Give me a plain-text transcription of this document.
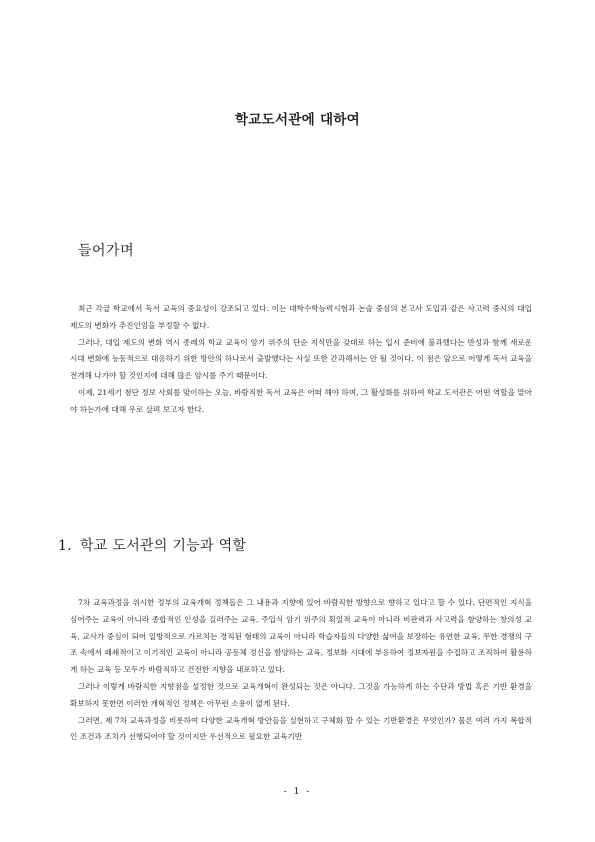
학교도서관에 대하여
들어가며

최근 각급 학교에서 독서 교육의 중요성이 강조되고 있다. 이는 대학수학능력시험과 논술 중심의 본고사 도입과 같은 사고력 중시의 대입 제도의 변화가 추진인임을 부정할 수 없다.

그러나, 대입 제도의 변화 역시 종래의 학교 교육이 암기 위주의 단순 지식만을 갖대로 하는 입시 준비에 불과했다는 반성과 함께 새로운 시대 변화에 능동적으로 대응하기 위한 방안의 하나로서 출발했다는 사실 또한 간과해서는 안 될 것이다. 이 점은 앞으로 어떻게 독서 교육을 전개해 나가야 할 것인지에 대해 많은 암시를 주기 때문이다.

이제, 21세기 첨단 정보 사회를 맞이하는 오늘, 바람직한 독서 교육은 어떠 해야 하며, 그 활성화를 위하여 학교 도서관은 어떤 역할을 맡아야 하는가에 대해 우로 살펴 보고자 한다.

1. 학교 도서관의 기능과 역할

7차 교육과정을 위시한 정부의 교육개혁 정책들은 그 내용과 지향에 있어 바람직한 방향으로 향하고 있다고 할 수 있다. 단편적인 지식을 심어주는 교육이 아니라 종합적인 인성을 길러주는 교육, 주입식 암기 위주의 획일적 교육이 아니라 비판력과 사고력을 함양하는 창의성 교육, 교사가 중심이 되어 일방적으로 가르치는 경직된 형태의 교육이 아니라 학습자들의 다양한 삶여을 보장하는 유연한 교육, 무한 경쟁의 구조 속에서 패쇄적이고 이기적인 교육이 아니라 공동체 정신을 함양하는 교육, 정보화 시대에 부응하여 정보자원을 수집하고 조직하여 활용하게 하는 교육 등 모두가 바람직하고 건전한 지향을 내포하고 있다.

그러나 이렇게 바람직한 지향점을 설정한 것으로 교육개혁이 완성되는 것은 아니다. 그것을 가능하게 하는 수단과 방법 혹은 기반 환경을 확보하지 못한면 이러한 개혁적인 정책은 아무런 소용이 없게 된다.

그러면, 제 7차 교육과정을 비롯하여 다양한 교육개혁 방안들을 실현하고 구체화 할 수 있는 기반환경은 무엇인가? 물론 여러 가지 복합적인 조건과 조치가 선행되어야 할 것이지만 우선적으로 필요한 교육기반

- 1 -
